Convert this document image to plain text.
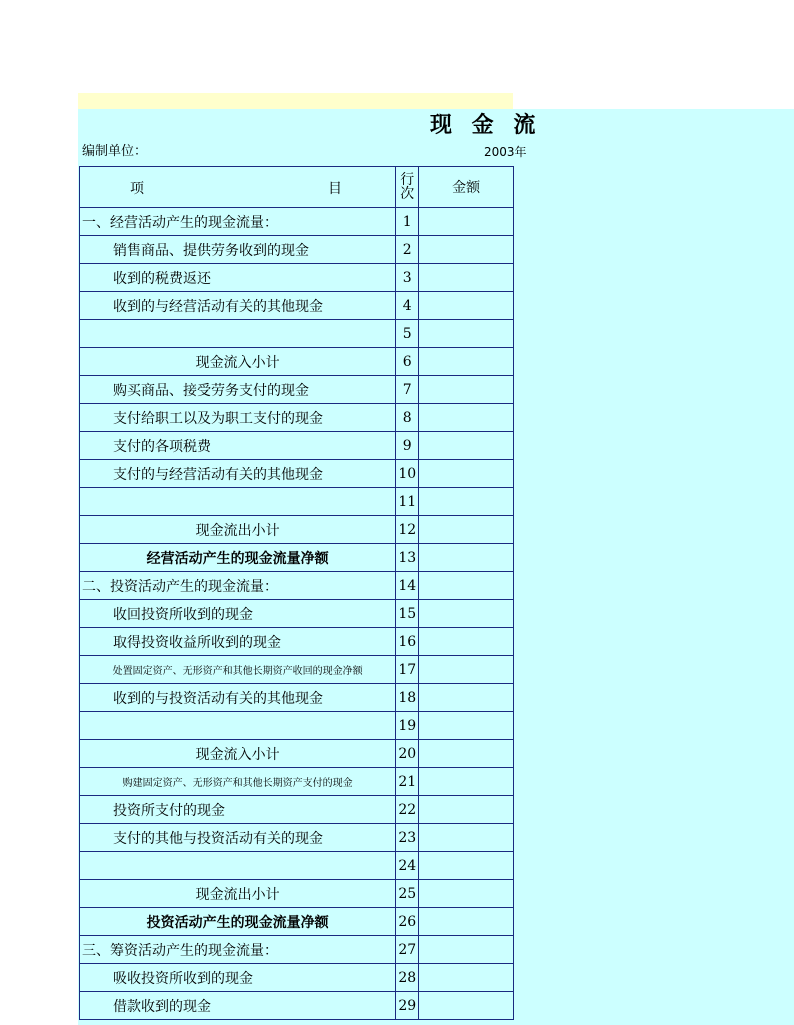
现 金 流
编制单位：	2003年
项 目	行次	金额
一、经营活动产生的现金流量：	1	
销售商品、提供劳务收到的现金	2	
收到的税费返还	3	
收到的与经营活动有关的其他现金	4	
	5	
现金流入小计	6	
购买商品、接受劳务支付的现金	7	
支付给职工以及为职工支付的现金	8	
支付的各项税费	9	
支付的与经营活动有关的其他现金	10	
	11	
现金流出小计	12	
经营活动产生的现金流量净额	13	
二、投资活动产生的现金流量：	14	
收回投资所收到的现金	15	
取得投资收益所收到的现金	16	
处置固定资产、无形资产和其他长期资产收回的现金净额	17	
收到的与投资活动有关的其他现金	18	
	19	
现金流入小计	20	
购建固定资产、无形资产和其他长期资产支付的现金	21	
投资所支付的现金	22	
支付的其他与投资活动有关的现金	23	
	24	
现金流出小计	25	
投资活动产生的现金流量净额	26	
三、筹资活动产生的现金流量：	27	
吸收投资所收到的现金	28	
借款收到的现金	29	
